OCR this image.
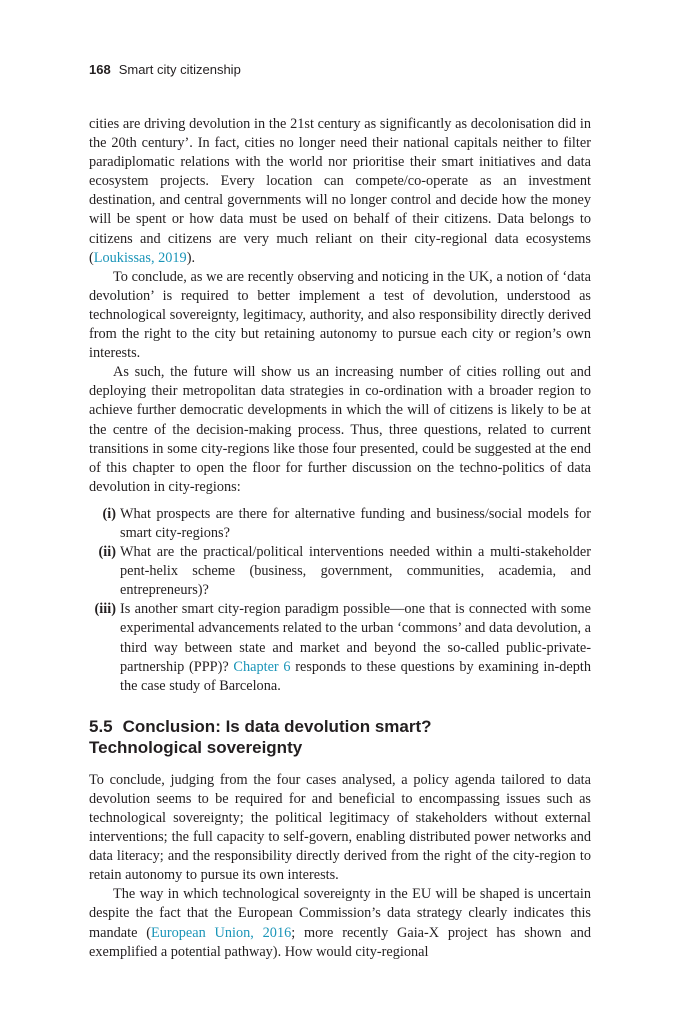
168 Smart city citizenship

cities are driving devolution in the 21st century as significantly as decolonisation did in the 20th century’. In fact, cities no longer need their national capitals neither to filter paradiplomatic relations with the world nor prioritise their smart initiatives and data ecosystem projects. Every location can compete/co-operate as an investment destination, and central governments will no longer control and decide how the money will be spent or how data must be used on behalf of their citizens. Data belongs to citizens and citizens are very much reliant on their city-regional data ecosystems (Loukissas, 2019).

To conclude, as we are recently observing and noticing in the UK, a notion of ‘data devolution’ is required to better implement a test of devolution, understood as technological sovereignty, legitimacy, authority, and also responsibility directly derived from the right to the city but retaining autonomy to pursue each city or region’s own interests.

As such, the future will show us an increasing number of cities rolling out and deploying their metropolitan data strategies in co-ordination with a broader region to achieve further democratic developments in which the will of citizens is likely to be at the centre of the decision-making process. Thus, three questions, related to current transitions in some city-regions like those four presented, could be suggested at the end of this chapter to open the floor for further discussion on the techno-politics of data devolution in city-regions:

(i) What prospects are there for alternative funding and business/social models for smart city-regions?
(ii) What are the practical/political interventions needed within a multi-stakeholder pent-helix scheme (business, government, communities, academia, and entrepreneurs)?
(iii) Is another smart city-region paradigm possible—one that is connected with some experimental advancements related to the urban ‘commons’ and data devolution, a third way between state and market and beyond the so-called public-private-partnership (PPP)? Chapter 6 responds to these questions by examining in-depth the case study of Barcelona.
5.5 Conclusion: Is data devolution smart?
Technological sovereignty

To conclude, judging from the four cases analysed, a policy agenda tailored to data devolution seems to be required for and beneficial to encompassing issues such as technological sovereignty; the political legitimacy of stakeholders without external interventions; the full capacity to self-govern, enabling distributed power networks and data literacy; and the responsibility directly derived from the right of the city-region to retain autonomy to pursue its own interests.

The way in which technological sovereignty in the EU will be shaped is uncertain despite the fact that the European Commission’s data strategy clearly indicates this mandate (European Union, 2016; more recently Gaia-X project has shown and exemplified a potential pathway). How would city-regional
